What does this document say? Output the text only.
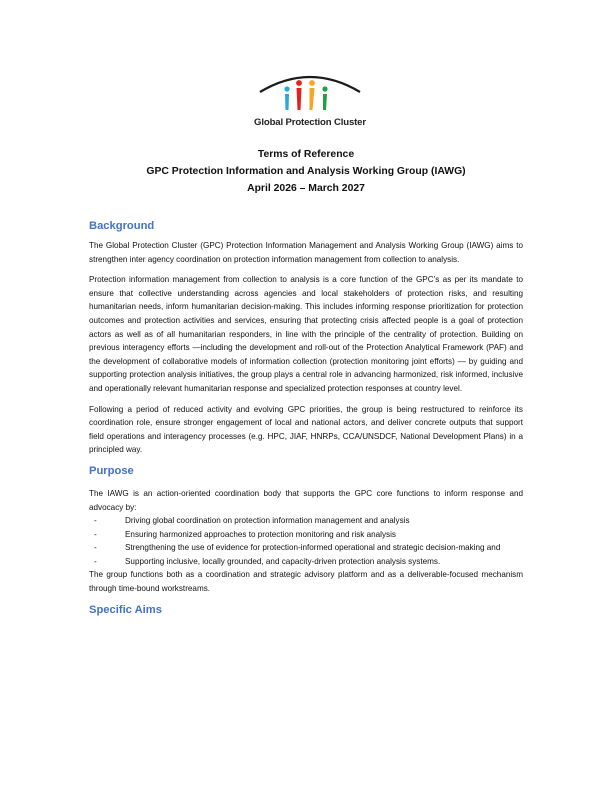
Global Protection Cluster
Terms of Reference
GPC Protection Information and Analysis Working Group (IAWG)
April 2026 – March 2027
Background

The Global Protection Cluster (GPC) Protection Information Management and Analysis Working Group (IAWG) aims to strengthen inter agency coordination on protection information management from collection to analysis.

Protection information management from collection to analysis is a core function of the GPC’s as per its mandate to ensure that collective understanding across agencies and local stakeholders of protection risks, and resulting humanitarian needs, inform humanitarian decision-making. This includes informing response prioritization for protection outcomes and protection activities and services, ensuring that protecting crisis affected people is a goal of protection actors as well as of all humanitarian responders, in line with the principle of the centrality of protection. Building on previous interagency efforts —including the development and roll-out of the Protection Analytical Framework (PAF) and the development of collaborative models of information collection (protection monitoring joint efforts) — by guiding and supporting protection analysis initiatives, the group plays a central role in advancing harmonized, risk informed, inclusive and operationally relevant humanitarian response and specialized protection responses at country level.

Following a period of reduced activity and evolving GPC priorities, the group is being restructured to reinforce its coordination role, ensure stronger engagement of local and national actors, and deliver concrete outputs that support field operations and interagency processes (e.g. HPC, JIAF, HNRPs, CCA/UNSDCF, National Development Plans) in a principled way.

Purpose

The IAWG is an action-oriented coordination body that supports the GPC core functions to inform response and advocacy by:

-	Driving global coordination on protection information management and analysis
-	Ensuring harmonized approaches to protection monitoring and risk analysis
-	Strengthening the use of evidence for protection-informed operational and strategic decision-making and
-	Supporting inclusive, locally grounded, and capacity-driven protection analysis systems.

The group functions both as a coordination and strategic advisory platform and as a deliverable-focused mechanism through time-bound workstreams.

Specific Aims
